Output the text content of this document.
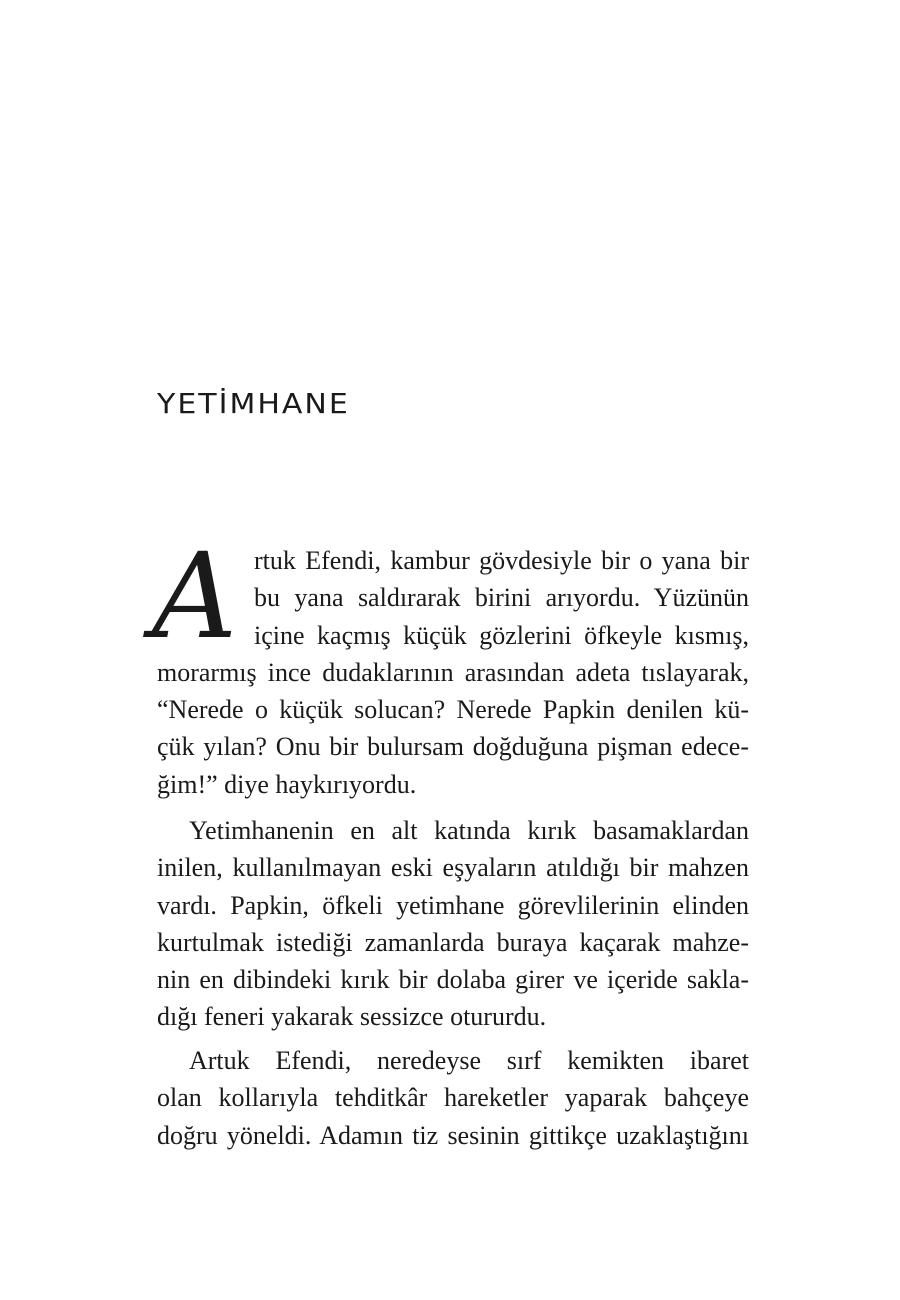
YETİMHANE
A rtuk Efendi, kambur gövdesiyle bir o yana bir
bu yana saldırarak birini arıyordu. Yüzünün
içine kaçmış küçük gözlerini öfkeyle kısmış,
morarmış ince dudaklarının arasından adeta tıslayarak,
“Nerede o küçük solucan? Nerede Papkin denilen kü-
çük yılan? Onu bir bulursam doğduğuna pişman edece-
ğim!” diye haykırıyordu.
Yetimhanenin en alt katında kırık basamaklardan
inilen, kullanılmayan eski eşyaların atıldığı bir mahzen
vardı. Papkin, öfkeli yetimhane görevlilerinin elinden
kurtulmak istediği zamanlarda buraya kaçarak mahze-
nin en dibindeki kırık bir dolaba girer ve içeride sakla-
dığı feneri yakarak sessizce otururdu.
Artuk Efendi, neredeyse sırf kemikten ibaret
olan kollarıyla tehditkâr hareketler yaparak bahçeye
doğru yöneldi. Adamın tiz sesinin gittikçe uzaklaştığını
